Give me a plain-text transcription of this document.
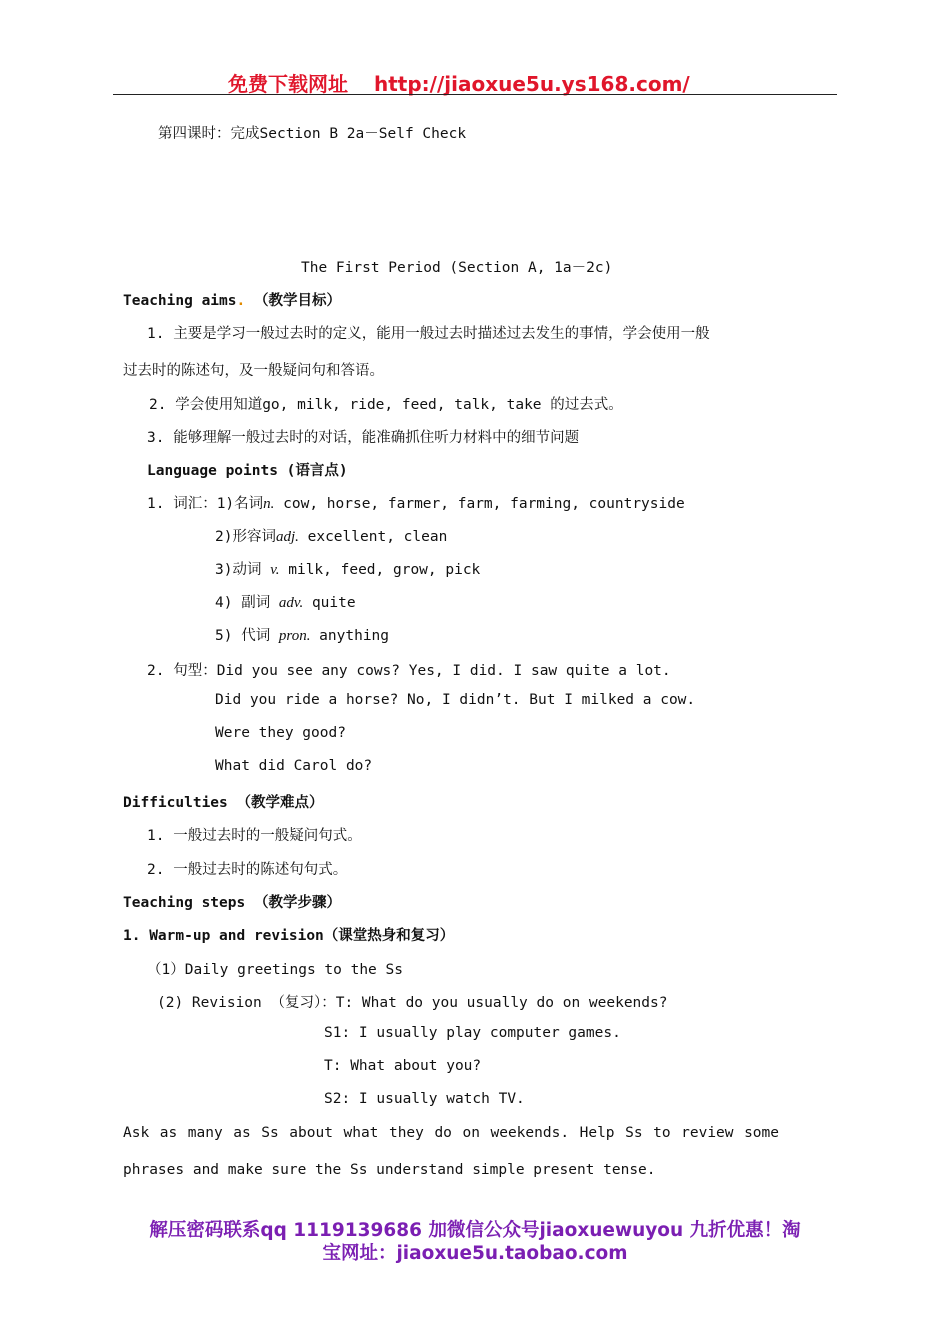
免费下载网址 http://jiaoxue5u.ys168.com/
第四课时：完成Section B 2a－Self Check
The First Period (Section A, 1a－2c)
Teaching aims. （教学目标）
1. 主要是学习一般过去时的定义，能用一般过去时描述过去发生的事情，学会使用一般
过去时的陈述句，及一般疑问句和答语。
2. 学会使用知道go, milk, ride, feed, talk, take 的过去式。
3. 能够理解一般过去时的对话，能准确抓住听力材料中的细节问题
Language points (语言点)
1. 词汇：1)名词n. cow, horse, farmer, farm, farming, countryside
2)形容词adj. excellent, clean
3)动词 v. milk, feed, grow, pick
4) 副词 adv. quite
5) 代词 pron. anything
2. 句型：Did you see any cows? Yes, I did. I saw quite a lot.
Did you ride a horse? No, I didn’t. But I milked a cow.
Were they good?
What did Carol do?
Difficulties （教学难点）
1. 一般过去时的一般疑问句式。
2. 一般过去时的陈述句句式。
Teaching steps （教学步骤）
1. Warm-up and revision（课堂热身和复习）
（1）Daily greetings to the Ss
(2) Revision （复习）：T: What do you usually do on weekends?
S1: I usually play computer games.
T: What about you?
S2: I usually watch TV.
Ask as many as Ss about what they do on weekends. Help Ss to review some
phrases and make sure the Ss understand simple present tense.
解压密码联系qq 1119139686 加微信公众号jiaoxuewuyou 九折优惠！淘
宝网址：jiaoxue5u.taobao.com
